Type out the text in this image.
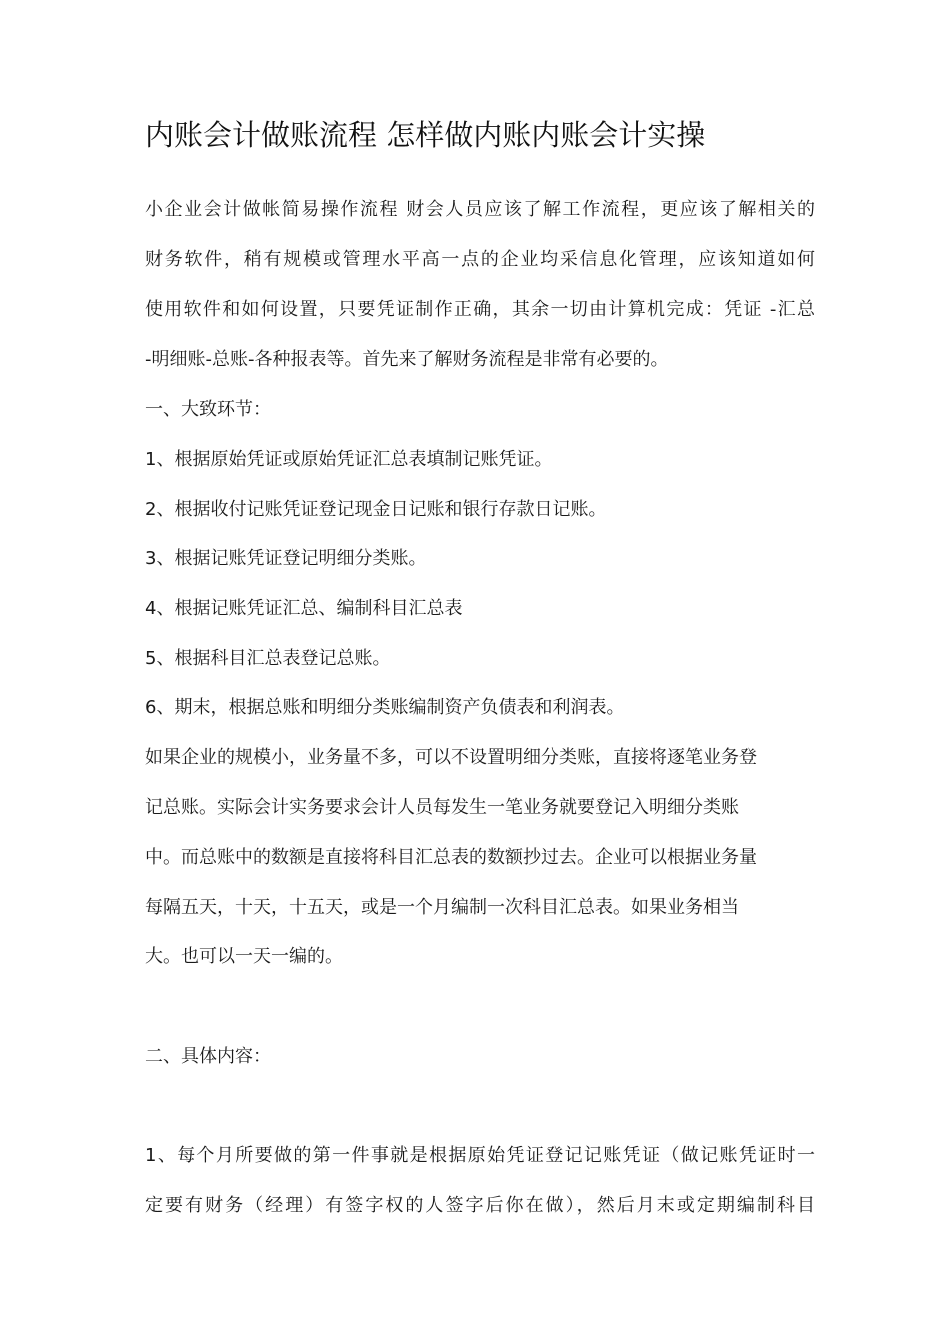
内账会计做账流程 怎样做内账内账会计实操
小企业会计做帐简易操作流程 财会人员应该了解工作流程，更应该了解相关的
财务软件，稍有规模或管理水平高一点的企业均采信息化管理，应该知道如何
使用软件和如何设置，只要凭证制作正确，其余一切由计算机完成：凭证 -汇总
-明细账-总账-各种报表等。首先来了解财务流程是非常有必要的。
一、大致环节：
1、根据原始凭证或原始凭证汇总表填制记账凭证。
2、根据收付记账凭证登记现金日记账和银行存款日记账。
3、根据记账凭证登记明细分类账。
4、根据记账凭证汇总、编制科目汇总表
5、根据科目汇总表登记总账。
6、期末，根据总账和明细分类账编制资产负债表和利润表。
如果企业的规模小，业务量不多，可以不设置明细分类账，直接将逐笔业务登
记总账。实际会计实务要求会计人员每发生一笔业务就要登记入明细分类账
中。而总账中的数额是直接将科目汇总表的数额抄过去。企业可以根据业务量
每隔五天，十天，十五天，或是一个月编制一次科目汇总表。如果业务相当
大。也可以一天一编的。
二、具体内容：
1、每个月所要做的第一件事就是根据原始凭证登记记账凭证（做记账凭证时一
定要有财务（经理）有签字权的人签字后你在做），然后月末或定期编制科目
